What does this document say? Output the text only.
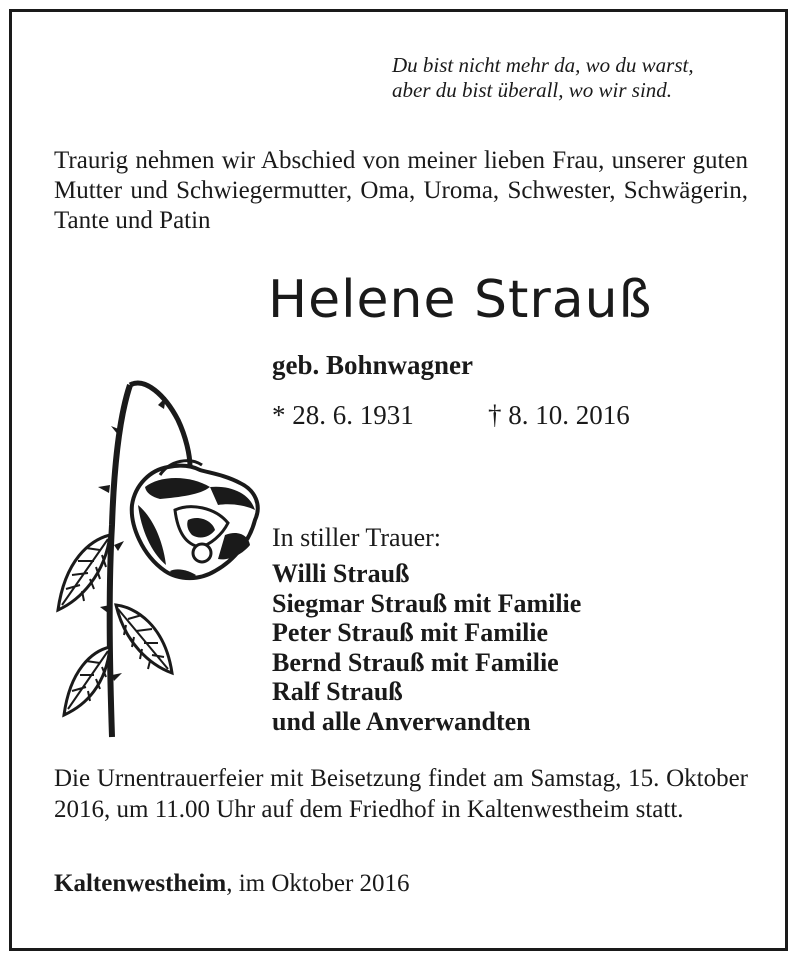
Du bist nicht mehr da, wo du warst,
aber du bist überall, wo wir sind.
Traurig nehmen wir Abschied von meiner lieben Frau, unserer guten Mutter und Schwiegermutter, Oma, Uroma, Schwester, Schwägerin, Tante und Patin
Helene Strauß
geb. Bohnwagner
* 28. 6. 1931	† 8. 10. 2016
In stiller Trauer:
Willi Strauß
Siegmar Strauß mit Familie
Peter Strauß mit Familie
Bernd Strauß mit Familie
Ralf Strauß
und alle Anverwandten
Die Urnentrauerfeier mit Beisetzung findet am Samstag, 15. Oktober 2016, um 11.00 Uhr auf dem Friedhof in Kaltenwestheim statt.
Kaltenwestheim, im Oktober 2016
